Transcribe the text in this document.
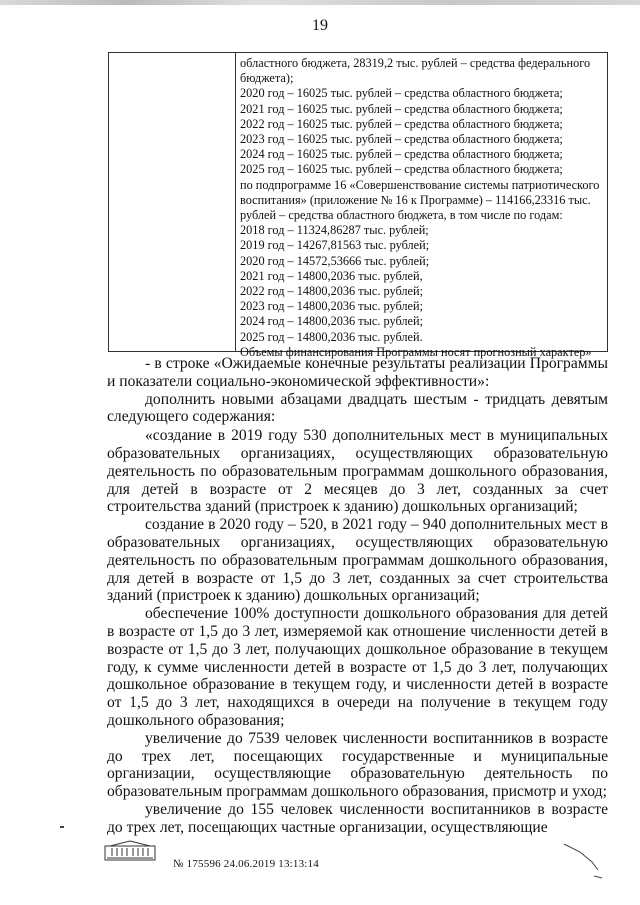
19
областного бюджета, 28319,2 тыс. рублей – средства федерального
бюджета);
2020 год – 16025 тыс. рублей – средства областного бюджета;
2021 год – 16025 тыс. рублей – средства областного бюджета;
2022 год – 16025 тыс. рублей – средства областного бюджета;
2023 год – 16025 тыс. рублей – средства областного бюджета;
2024 год – 16025 тыс. рублей – средства областного бюджета;
2025 год – 16025 тыс. рублей – средства областного бюджета;
по подпрограмме 16 «Совершенствование системы патриотического
воспитания» (приложение № 16 к Программе) – 114166,23316 тыс.
рублей – средства областного бюджета, в том числе по годам:
2018 год – 11324,86287 тыс. рублей;
2019 год – 14267,81563 тыс. рублей;
2020 год – 14572,53666 тыс. рублей;
2021 год – 14800,2036 тыс. рублей,
2022 год – 14800,2036 тыс. рублей;
2023 год – 14800,2036 тыс. рублей;
2024 год – 14800,2036 тыс. рублей;
2025 год – 14800,2036 тыс. рублей.
Объемы финансирования Программы носят прогнозный характер»

- в строке «Ожидаемые конечные результаты реализации Программы и показатели социально-экономической эффективности»:

дополнить новыми абзацами двадцать шестым - тридцать девятым следующего содержания:

«создание в 2019 году 530 дополнительных мест в муниципальных образовательных организациях, осуществляющих образовательную деятельность по образовательным программам дошкольного образования, для детей в возрасте от 2 месяцев до 3 лет, созданных за счет строительства зданий (пристроек к зданию) дошкольных организаций;

создание в 2020 году – 520, в 2021 году – 940 дополнительных мест в образовательных организациях, осуществляющих образовательную деятельность по образовательным программам дошкольного образования, для детей в возрасте от 1,5 до 3 лет, созданных за счет строительства зданий (пристроек к зданию) дошкольных организаций;

обеспечение 100% доступности дошкольного образования для детей в возрасте от 1,5 до 3 лет, измеряемой как отношение численности детей в возрасте от 1,5 до 3 лет, получающих дошкольное образование в текущем году, к сумме численности детей в возрасте от 1,5 до 3 лет, получающих дошкольное образование в текущем году, и численности детей в возрасте от 1,5 до 3 лет, находящихся в очереди на получение в текущем году дошкольного образования;

увеличение до 7539 человек численности воспитанников в возрасте до трех лет, посещающих государственные и муниципальные организации, осуществляющие образовательную деятельность по образовательным программам дошкольного образования, присмотр и уход;

увеличение до 155 человек численности воспитанников в возрасте до трех лет, посещающих частные организации, осуществляющие

№ 175596 24.06.2019 13:13:14
